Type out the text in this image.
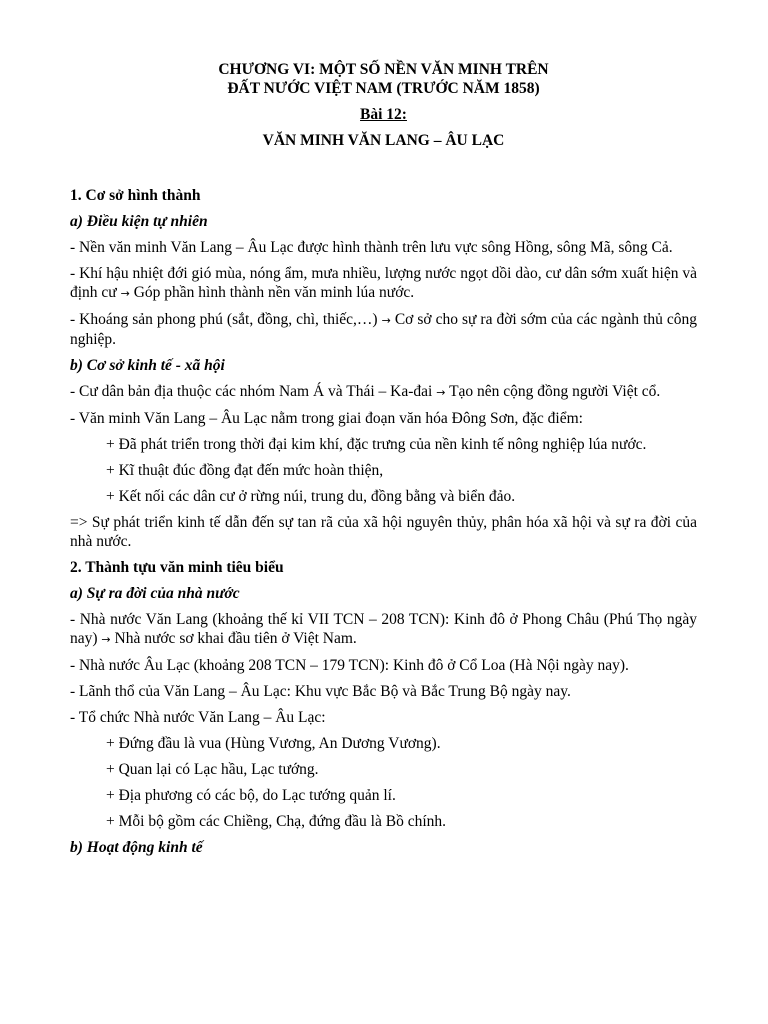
CHƯƠNG VI: MỘT SỐ NỀN VĂN MINH TRÊN

ĐẤT NƯỚC VIỆT NAM (TRƯỚC NĂM 1858)

Bài 12:

VĂN MINH VĂN LANG – ÂU LẠC

1. Cơ sở hình thành
a) Điều kiện tự nhiên

- Nền văn minh Văn Lang – Âu Lạc được hình thành trên lưu vực sông Hồng, sông Mã, sông Cả.

- Khí hậu nhiệt đới gió mùa, nóng ẩm, mưa nhiều, lượng nước ngọt dồi dào, cư dân sớm xuất hiện và định cư → Góp phần hình thành nền văn minh lúa nước.

- Khoáng sản phong phú (sắt, đồng, chì, thiếc,…) → Cơ sở cho sự ra đời sớm của các ngành thủ công nghiệp.

b) Cơ sở kinh tế - xã hội

- Cư dân bản địa thuộc các nhóm Nam Á và Thái – Ka-đai → Tạo nên cộng đồng người Việt cổ.

- Văn minh Văn Lang – Âu Lạc nằm trong giai đoạn văn hóa Đông Sơn, đặc điểm:

+ Đã phát triển trong thời đại kim khí, đặc trưng của nền kinh tế nông nghiệp lúa nước.

+ Kĩ thuật đúc đồng đạt đến mức hoàn thiện,

+ Kết nối các dân cư ở rừng núi, trung du, đồng bằng và biển đảo.

=> Sự phát triển kinh tế dẫn đến sự tan rã của xã hội nguyên thủy, phân hóa xã hội và sự ra đời của nhà nước.

2. Thành tựu văn minh tiêu biểu
a) Sự ra đời của nhà nước

- Nhà nước Văn Lang (khoảng thế kỉ VII TCN – 208 TCN): Kinh đô ở Phong Châu (Phú Thọ ngày nay) → Nhà nước sơ khai đầu tiên ở Việt Nam.

- Nhà nước Âu Lạc (khoảng 208 TCN – 179 TCN): Kinh đô ở Cổ Loa (Hà Nội ngày nay).

- Lãnh thổ của Văn Lang – Âu Lạc: Khu vực Bắc Bộ và Bắc Trung Bộ ngày nay.

- Tổ chức Nhà nước Văn Lang – Âu Lạc:

+ Đứng đầu là vua (Hùng Vương, An Dương Vương).

+ Quan lại có Lạc hầu, Lạc tướng.

+ Địa phương có các bộ, do Lạc tướng quản lí.

+ Mỗi bộ gồm các Chiềng, Chạ, đứng đầu là Bồ chính.

b) Hoạt động kinh tế
